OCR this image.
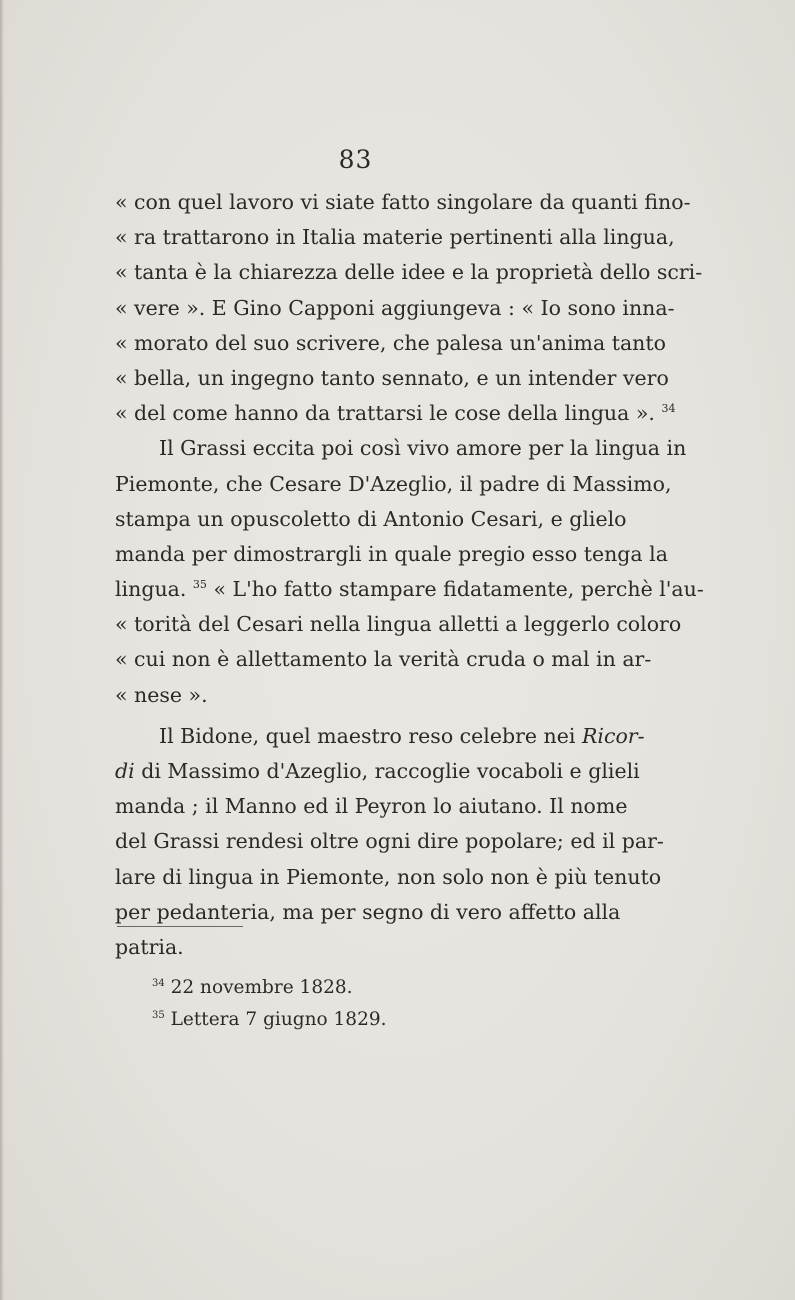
83
« con quel lavoro vi siate fatto singolare da quanti fino-
« ra trattarono in Italia materie pertinenti alla lingua,
« tanta è la chiarezza delle idee e la proprietà dello scri-
« vere ». E Gino Capponi aggiungeva : « Io sono inna-
« morato del suo scrivere, che palesa un'anima tanto
« bella, un ingegno tanto sennato, e un intender vero
« del come hanno da trattarsi le cose della lingua ». $^{34}$
Il Grassi eccita poi così vivo amore per la lingua in
Piemonte, che Cesare D'Azeglio, il padre di Massimo,
stampa un opuscoletto di Antonio Cesari, e glielo
manda per dimostrargli in quale pregio esso tenga la
lingua. $^{35}$ « L'ho fatto stampare fidatamente, perchè l'au-
« torità del Cesari nella lingua alletti a leggerlo coloro
« cui non è allettamento la verità cruda o mal in ar-
« nese ».
Il Bidone, quel maestro reso celebre nei Ricor-
di di Massimo d'Azeglio, raccoglie vocaboli e glieli
manda ; il Manno ed il Peyron lo aiutano. Il nome
del Grassi rendesi oltre ogni dire popolare; ed il par-
lare di lingua in Piemonte, non solo non è più tenuto
per pedanteria, ma per segno di vero affetto alla
patria.
$^{34}$ 22 novembre 1828.
$^{35}$ Lettera 7 giugno 1829.
